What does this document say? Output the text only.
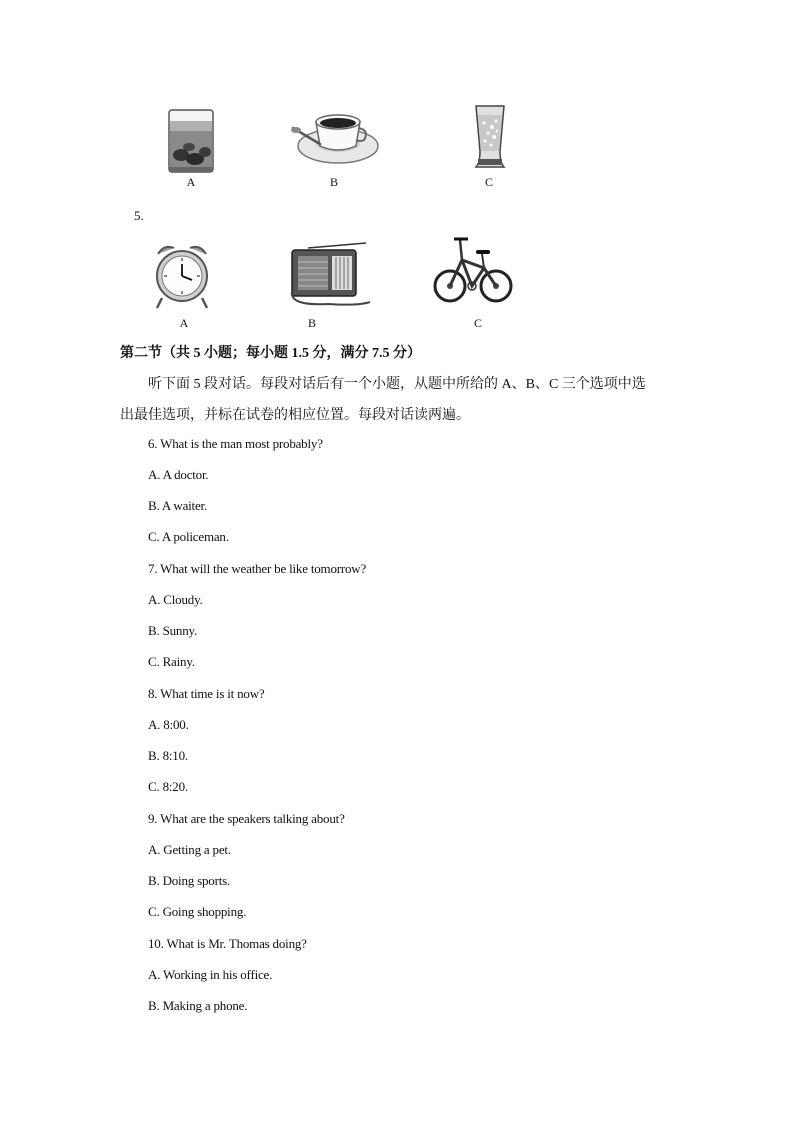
A	B	C
5.
A	B	C
第二节（共 5 小题；每小题 1.5 分，满分 7.5 分）
听下面 5 段对话。每段对话后有一个小题，从题中所给的 A、B、C 三个选项中选
出最佳选项，并标在试卷的相应位置。每段对话读两遍。
6. What is the man most probably?
A. A doctor.
B. A waiter.
C. A policeman.
7. What will the weather be like tomorrow?
A. Cloudy.
B. Sunny.
C. Rainy.
8. What time is it now?
A. 8:00.
B. 8:10.
C. 8:20.
9. What are the speakers talking about?
A. Getting a pet.
B. Doing sports.
C. Going shopping.
10. What is Mr. Thomas doing?
A. Working in his office.
B. Making a phone.
